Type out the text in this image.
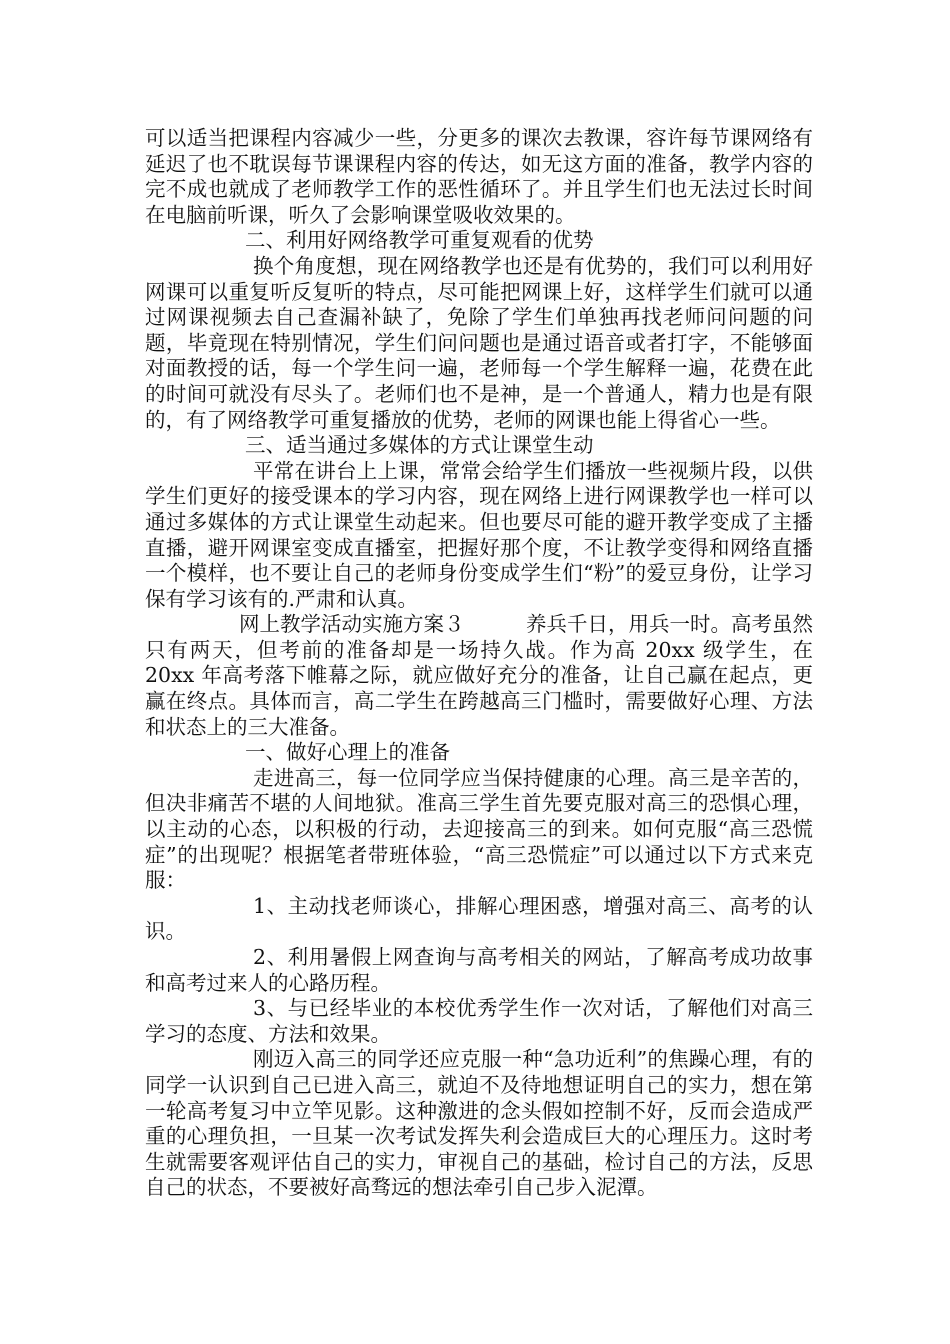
可以适当把课程内容减少一些，分更多的课次去教课，容许每节课网络有延迟了也不耽误每节课课程内容的传达，如无这方面的准备，教学内容的完不成也就成了老师教学工作的恶性循环了。并且学生们也无法过长时间在电脑前听课，听久了会影响课堂吸收效果的。

二、利用好网络教学可重复观看的优势

换个角度想，现在网络教学也还是有优势的，我们可以利用好网课可以重复听反复听的特点，尽可能把网课上好，这样学生们就可以通过网课视频去自己查漏补缺了，免除了学生们单独再找老师问问题的问题，毕竟现在特别情况，学生们问问题也是通过语音或者打字，不能够面对面教授的话，每一个学生问一遍，老师每一个学生解释一遍，花费在此的时间可就没有尽头了。老师们也不是神，是一个普通人，精力也是有限的，有了网络教学可重复播放的优势，老师的网课也能上得省心一些。

三、适当通过多媒体的方式让课堂生动

平常在讲台上上课，常常会给学生们播放一些视频片段，以供学生们更好的接受课本的学习内容，现在网络上进行网课教学也一样可以通过多媒体的方式让课堂生动起来。但也要尽可能的避开教学变成了主播直播，避开网课室变成直播室，把握好那个度，不让教学变得和网络直播一个模样，也不要让自己的老师身份变成学生们“粉”的爱豆身份，让学习保有学习该有的.严肃和认真。

网上教学活动实施方案３　　　养兵千日，用兵一时。高考虽然只有两天，但考前的准备却是一场持久战。作为高 20xx 级学生，在 20xx 年高考落下帷幕之际，就应做好充分的准备，让自己赢在起点，更赢在终点。具体而言，高二学生在跨越高三门槛时，需要做好心理、方法和状态上的三大准备。

一、做好心理上的准备

走进高三，每一位同学应当保持健康的心理。高三是辛苦的，但决非痛苦不堪的人间地狱。准高三学生首先要克服对高三的恐惧心理，以主动的心态，以积极的行动，去迎接高三的到来。如何克服“高三恐慌症”的出现呢？根据笔者带班体验，“高三恐慌症”可以通过以下方式来克服：

1、主动找老师谈心，排解心理困惑，增强对高三、高考的认识。

2、利用暑假上网查询与高考相关的网站，了解高考成功故事和高考过来人的心路历程。

3、与已经毕业的本校优秀学生作一次对话，了解他们对高三学习的态度、方法和效果。

刚迈入高三的同学还应克服一种“急功近利”的焦躁心理，有的同学一认识到自己已进入高三，就迫不及待地想证明自己的实力，想在第一轮高考复习中立竿见影。这种激进的念头假如控制不好，反而会造成严重的心理负担，一旦某一次考试发挥失利会造成巨大的心理压力。这时考生就需要客观评估自己的实力，审视自己的基础，检讨自己的方法，反思自己的状态，不要被好高骛远的想法牵引自己步入泥潭。
